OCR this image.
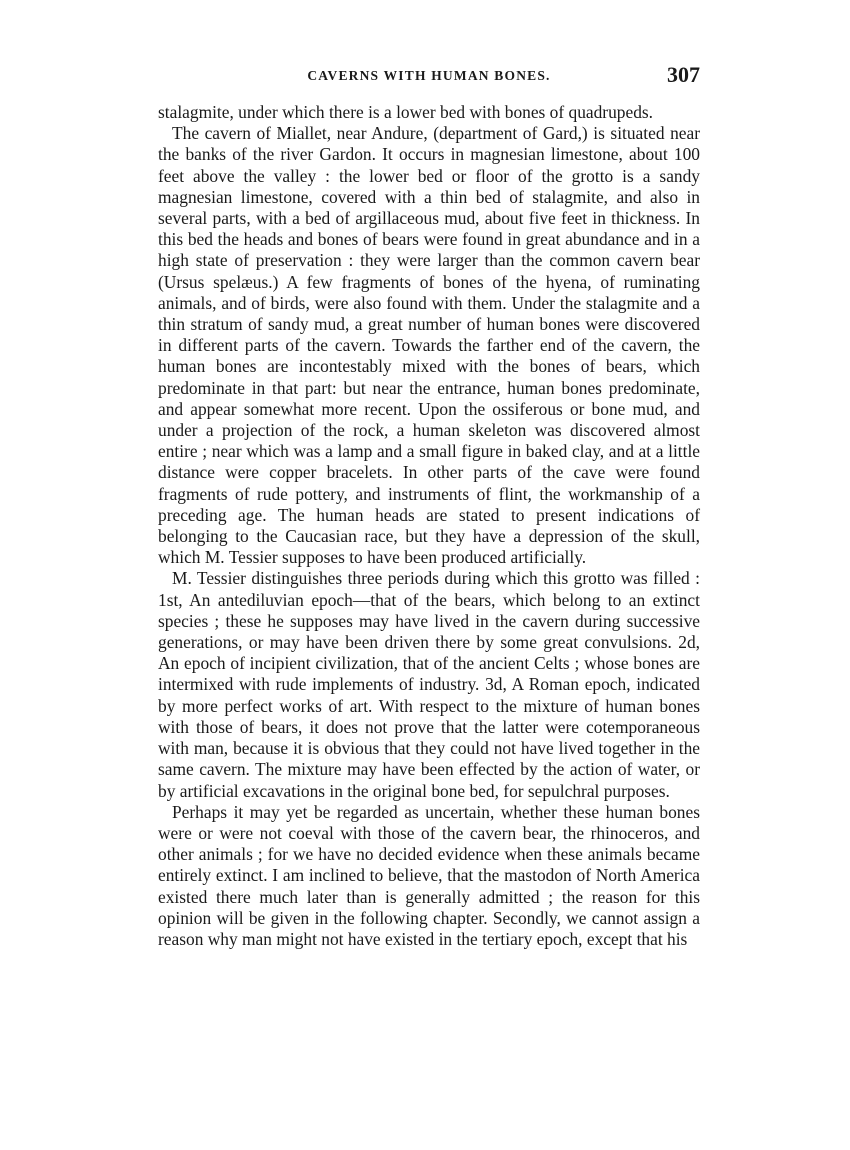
CAVERNS WITH HUMAN BONES.	307

stalagmite, under which there is a lower bed with bones of quadrupeds.

The cavern of Miallet, near Andure, (department of Gard,) is situated near the banks of the river Gardon. It occurs in magnesian limestone, about 100 feet above the valley : the lower bed or floor of the grotto is a sandy magnesian limestone, covered with a thin bed of stalagmite, and also in several parts, with a bed of argillaceous mud, about five feet in thickness. In this bed the heads and bones of bears were found in great abundance and in a high state of preservation : they were larger than the common cavern bear (Ursus spelæus.) A few fragments of bones of the hyena, of ruminating animals, and of birds, were also found with them. Under the stalagmite and a thin stratum of sandy mud, a great number of human bones were discovered in different parts of the cavern. Towards the farther end of the cavern, the human bones are incontestably mixed with the bones of bears, which predominate in that part: but near the entrance, human bones predominate, and appear somewhat more recent. Upon the ossiferous or bone mud, and under a projection of the rock, a human skeleton was discovered almost entire ; near which was a lamp and a small figure in baked clay, and at a little distance were copper bracelets. In other parts of the cave were found fragments of rude pottery, and instruments of flint, the workmanship of a preceding age. The human heads are stated to present indications of belonging to the Caucasian race, but they have a depression of the skull, which M. Tessier supposes to have been produced artificially.

M. Tessier distinguishes three periods during which this grotto was filled : 1st, An antediluvian epoch—that of the bears, which belong to an extinct species ; these he supposes may have lived in the cavern during successive generations, or may have been driven there by some great convulsions. 2d, An epoch of incipient civilization, that of the ancient Celts ; whose bones are intermixed with rude implements of industry. 3d, A Roman epoch, indicated by more perfect works of art. With respect to the mixture of human bones with those of bears, it does not prove that the latter were cotemporaneous with man, because it is obvious that they could not have lived together in the same cavern. The mixture may have been effected by the action of water, or by artificial excavations in the original bone bed, for sepulchral purposes.

Perhaps it may yet be regarded as uncertain, whether these human bones were or were not coeval with those of the cavern bear, the rhinoceros, and other animals ; for we have no decided evidence when these animals became entirely extinct. I am inclined to believe, that the mastodon of North America existed there much later than is generally admitted ; the reason for this opinion will be given in the following chapter. Secondly, we cannot assign a reason why man might not have existed in the tertiary epoch, except that his
